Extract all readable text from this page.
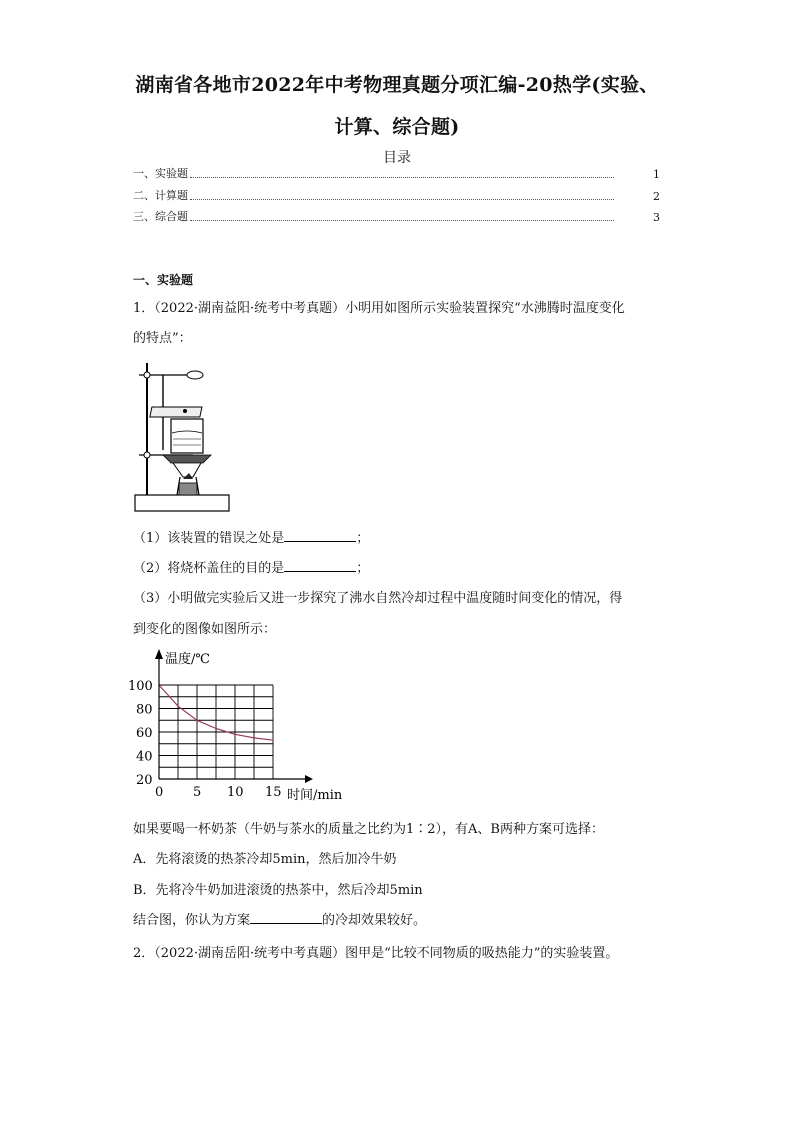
湖南省各地市2022年中考物理真题分项汇编-20热学(实验、
计算、综合题)
目录
一、实验题	1
二、计算题	2
三、综合题	3
一、实验题
1．（2022·湖南益阳·统考中考真题）小明用如图所示实验装置探究“水沸腾时温度变化
的特点”：
（1）该装置的错误之处是	；
（2）将烧杯盖住的目的是	；
（3）小明做完实验后又进一步探究了沸水自然冷却过程中温度随时间变化的情况，得
到变化的图像如图所示：
0 5 10 15
20
40
60
80
100
温度/℃
时间/min
如果要喝一杯奶茶（牛奶与茶水的质量之比约为1∶2），有A、B两种方案可选择：
A．先将滚烫的热茶冷却5min，然后加冷牛奶
B．先将冷牛奶加进滚烫的热茶中，然后冷却5min
结合图，你认为方案	的冷却效果较好。
2．（2022·湖南岳阳·统考中考真题）图甲是“比较不同物质的吸热能力”的实验装置。
